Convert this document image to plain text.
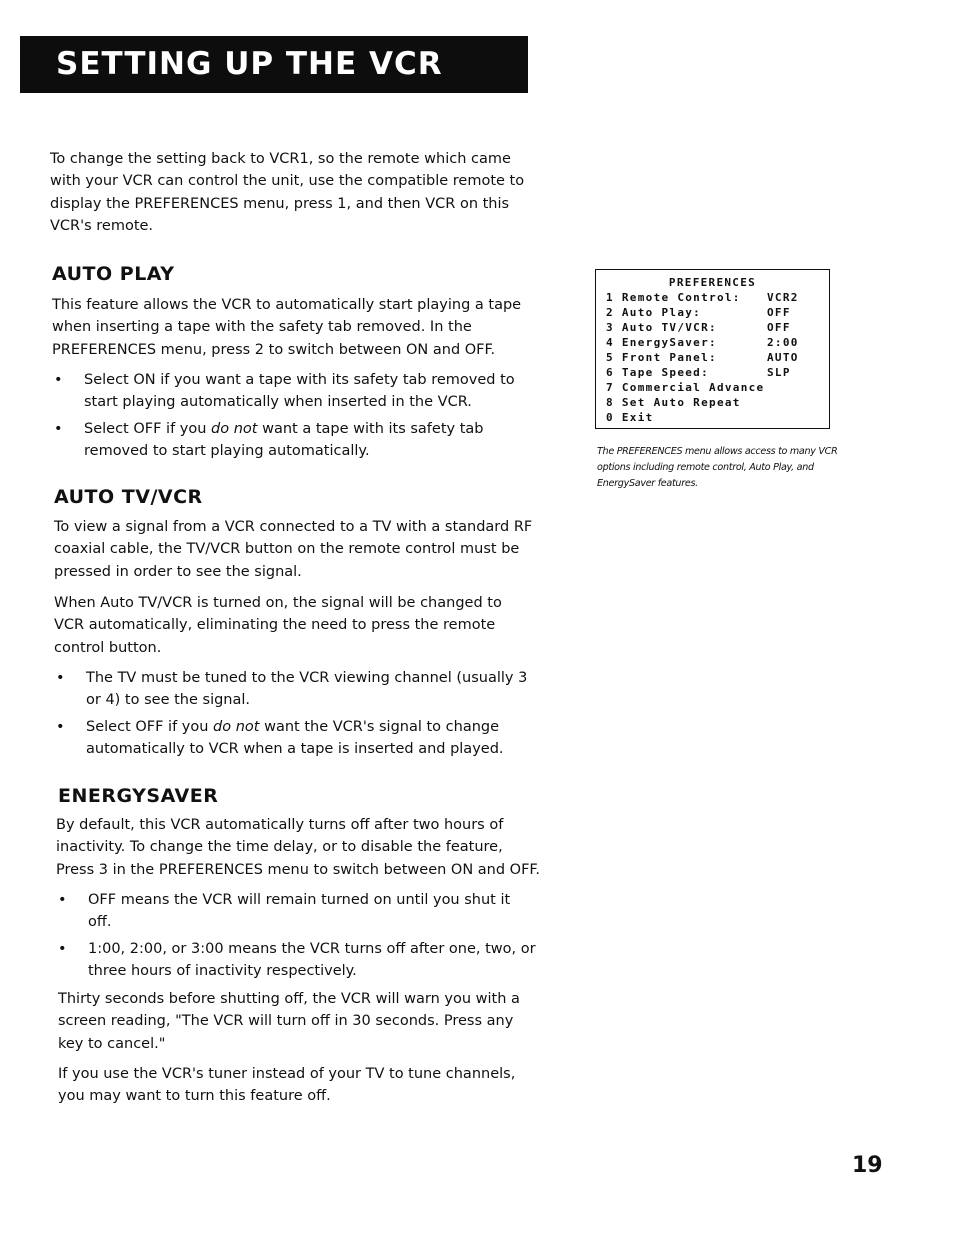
SETTING UP THE VCR

To change the setting back to VCR1, so the remote which came with your VCR can control the unit, use the compatible remote to display the PREFERENCES menu, press 1, and then VCR on this VCR's remote.

AUTO PLAY

This feature allows the VCR to automatically start playing a tape when inserting a tape with the safety tab removed. In the PREFERENCES menu, press 2 to switch between ON and OFF.

• Select ON if you want a tape with its safety tab removed to start playing automatically when inserted in the VCR.
• Select OFF if you do not want a tape with its safety tab removed to start playing automatically.
AUTO TV/VCR

To view a signal from a VCR connected to a TV with a standard RF coaxial cable, the TV/VCR button on the remote control must be pressed in order to see the signal.

When Auto TV/VCR is turned on, the signal will be changed to VCR automatically, eliminating the need to press the remote control button.

• The TV must be tuned to the VCR viewing channel (usually 3 or 4) to see the signal.
• Select OFF if you do not want the VCR's signal to change automatically to VCR when a tape is inserted and played.
ENERGYSAVER

By default, this VCR automatically turns off after two hours of inactivity. To change the time delay, or to disable the feature, Press 3 in the PREFERENCES menu to switch between ON and OFF.

• OFF means the VCR will remain turned on until you shut it off.
• 1:00, 2:00, or 3:00 means the VCR turns off after one, two, or three hours of inactivity respectively.

Thirty seconds before shutting off, the VCR will warn you with a screen reading, "The VCR will turn off in 30 seconds. Press any key to cancel."

If you use the VCR's tuner instead of your TV to tune channels, you may want to turn this feature off.

PREFERENCES
1 Remote Control: VCR2
2 Auto Play:	OFF
3 Auto TV/VCR:	OFF
4 EnergySaver:	2:00
5 Front Panel:	AUTO
6 Tape Speed:	SLP
7 Commercial Advance
8 Set Auto Repeat
0 Exit
The PREFERENCES menu allows access to many VCR options including remote control, Auto Play, and EnergySaver features.
19
